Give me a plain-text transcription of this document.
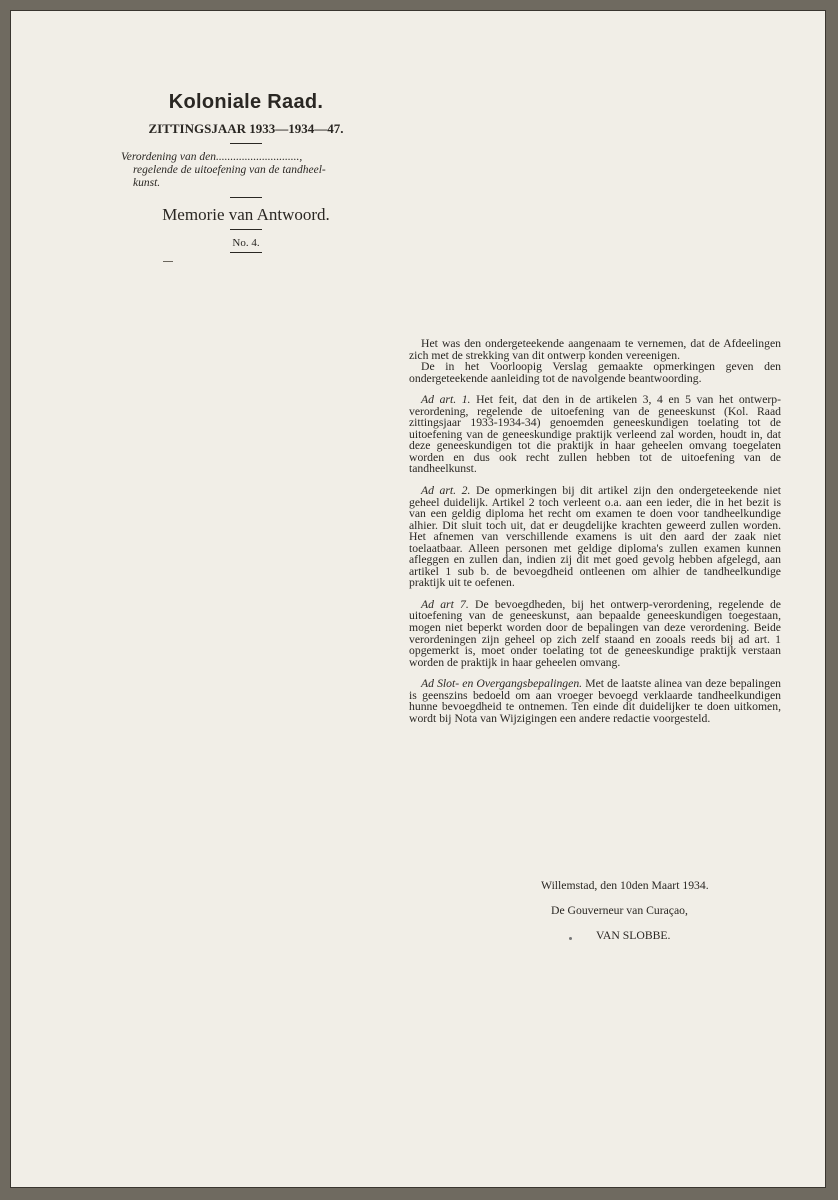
Koloniale Raad.
ZITTINGSJAAR 1933—1934—47.
Verordening van den.............................,
regelende de uitoefening van de tandheel-
kunst.
Memorie van Antwoord.
No. 4.

Het was den ondergeteekende aangenaam te vernemen, dat de Afdeelingen zich met de strekking van dit ontwerp konden vereenigen.

De in het Voorloopig Verslag gemaakte opmerkingen geven den ondergeteekende aanleiding tot de navolgende beantwoording.

Ad art. 1. Het feit, dat den in de artikelen 3, 4 en 5 van het ontwerp-verordening, regelende de uitoefening van de geneeskunst (Kol. Raad zittingsjaar 1933-1934-34) genoemden geneeskundigen toelating tot de uitoefening van de geneeskundige praktijk verleend zal worden, houdt in, dat deze geneeskundigen tot die praktijk in haar geheelen omvang toegelaten worden en dus ook recht zullen hebben tot de uitoefening van de tandheelkunst.

Ad art. 2. De opmerkingen bij dit artikel zijn den ondergeteekende niet geheel duidelijk. Artikel 2 toch verleent o.a. aan een ieder, die in het bezit is van een geldig diploma het recht om examen te doen voor tandheelkundige alhier. Dit sluit toch uit, dat er deugdelijke krachten geweerd zullen worden. Het afnemen van verschillende examens is uit den aard der zaak niet toelaatbaar. Alleen personen met geldige diploma's zullen examen kunnen afleggen en zullen dan, indien zij dit met goed gevolg hebben afgelegd, aan artikel 1 sub b. de bevoegdheid ontleenen om alhier de tandheelkundige praktijk uit te oefenen.

Ad art 7. De bevoegdheden, bij het ontwerp-verordening, regelende de uitoefening van de geneeskunst, aan bepaalde geneeskundigen toegestaan, mogen niet beperkt worden door de bepalingen van deze verordening. Beide verordeningen zijn geheel op zich zelf staand en zooals reeds bij ad art. 1 opgemerkt is, moet onder toelating tot de geneeskundige praktijk verstaan worden de praktijk in haar geheelen omvang.

Ad Slot- en Overgangsbepalingen. Met de laatste alinea van deze bepalingen is geenszins bedoeld om aan vroeger bevoegd verklaarde tandheelkundigen hunne bevoegdheid te ontnemen. Ten einde dit duidelijker te doen uitkomen, wordt bij Nota van Wijzigingen een andere redactie voorgesteld.

Willemstad, den 10den Maart 1934.
De Gouverneur van Curaçao,
VAN SLOBBE.
